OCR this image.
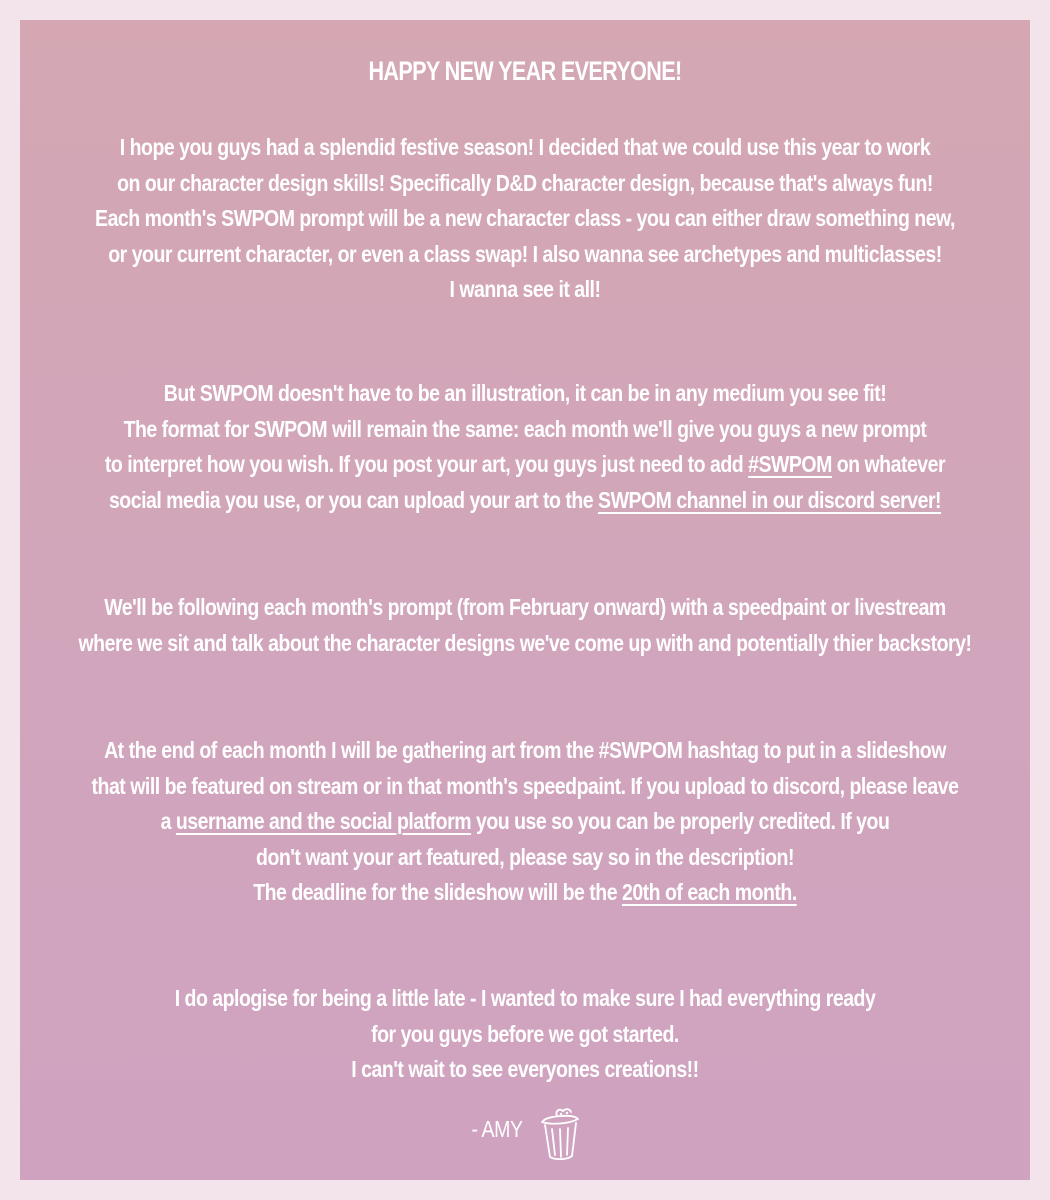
HAPPY NEW YEAR EVERYONE!

I hope you guys had a splendid festive season! I decided that we could use this year to work
on our character design skills! Specifically D&D character design, because that's always fun!
Each month's SWPOM prompt will be a new character class - you can either draw something new,
or your current character, or even a class swap! I also wanna see archetypes and multiclasses!
I wanna see it all!

But SWPOM doesn't have to be an illustration, it can be in any medium you see fit!
The format for SWPOM will remain the same: each month we'll give you guys a new prompt
to interpret how you wish. If you post your art, you guys just need to add #SWPOM on whatever
social media you use, or you can upload your art to the SWPOM channel in our discord server!

We'll be following each month's prompt (from February onward) with a speedpaint or livestream
where we sit and talk about the character designs we've come up with and potentially thier backstory!

At the end of each month I will be gathering art from the #SWPOM hashtag to put in a slideshow
that will be featured on stream or in that month's speedpaint. If you upload to discord, please leave
a username and the social platform you use so you can be properly credited. If you
don't want your art featured, please say so in the description!
The deadline for the slideshow will be the 20th of each month.

I do aplogise for being a little late - I wanted to make sure I had everything ready
for you guys before we got started.
I can't wait to see everyones creations!!

- AMY
